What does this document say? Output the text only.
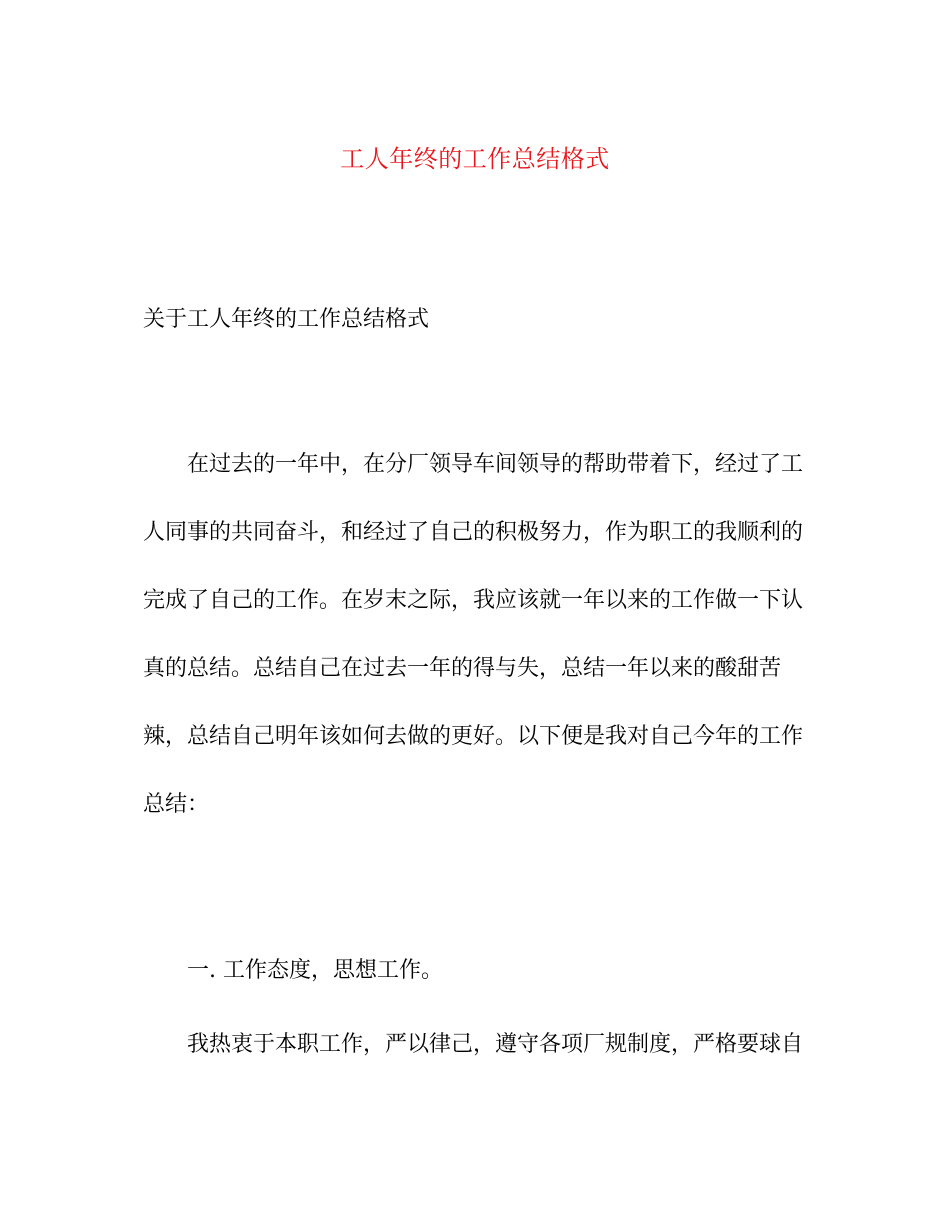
工人年终的工作总结格式
关于工人年终的工作总结格式
在过去的一年中，在分厂领导车间领导的帮助带着下，经过了工
人同事的共同奋斗，和经过了自己的积极努力，作为职工的我顺利的
完成了自己的工作。在岁末之际，我应该就一年以来的工作做一下认
真的总结。总结自己在过去一年的得与失，总结一年以来的酸甜苦
辣，总结自己明年该如何去做的更好。以下便是我对自己今年的工作
总结：
一. 工作态度，思想工作。
我热衷于本职工作，严以律己，遵守各项厂规制度，严格要球自
